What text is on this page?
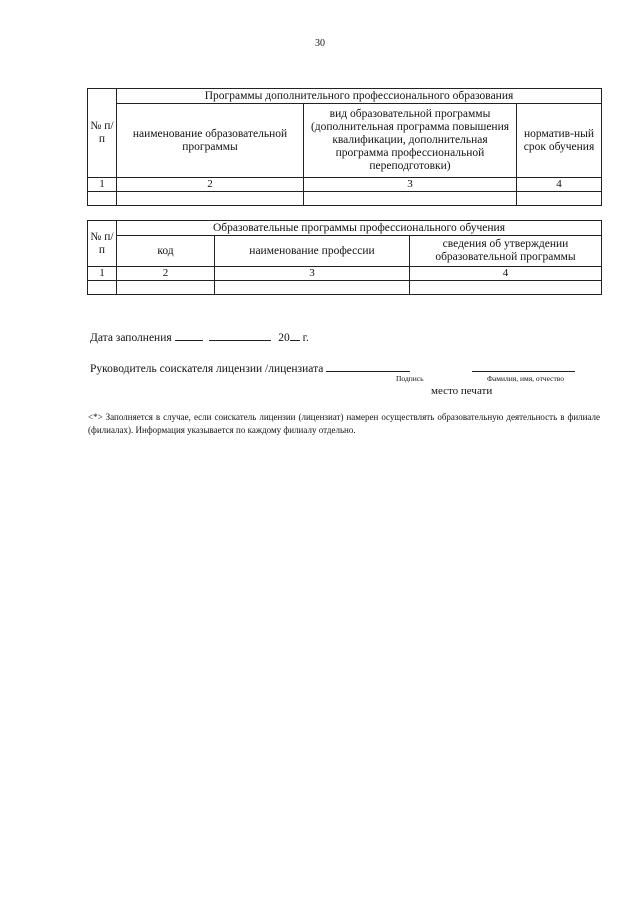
30
№ п/п	Программы дополнительного профессионального образования		
	наименование образовательной программы	вид образовательной программы (дополнительная программа повышения квалификации, дополнительная программа профессиональной переподготовки)	норматив-ный срок обучения
1	2	3	4

№ п/п	Образовательные программы профессионального обучения		
	код	наименование профессии	сведения об утверждении образовательной программы
1	2	3	4

Дата заполнения	20 г.
Руководитель соискателя лицензии /лицензиата
Подпись	Фамилия, имя, отчество
место печати
<*> Заполняется в случае, если соискатель лицензии (лицензиат) намерен осуществлять образовательную деятельность в филиале (филиалах). Информация указывается по каждому филиалу отдельно.
